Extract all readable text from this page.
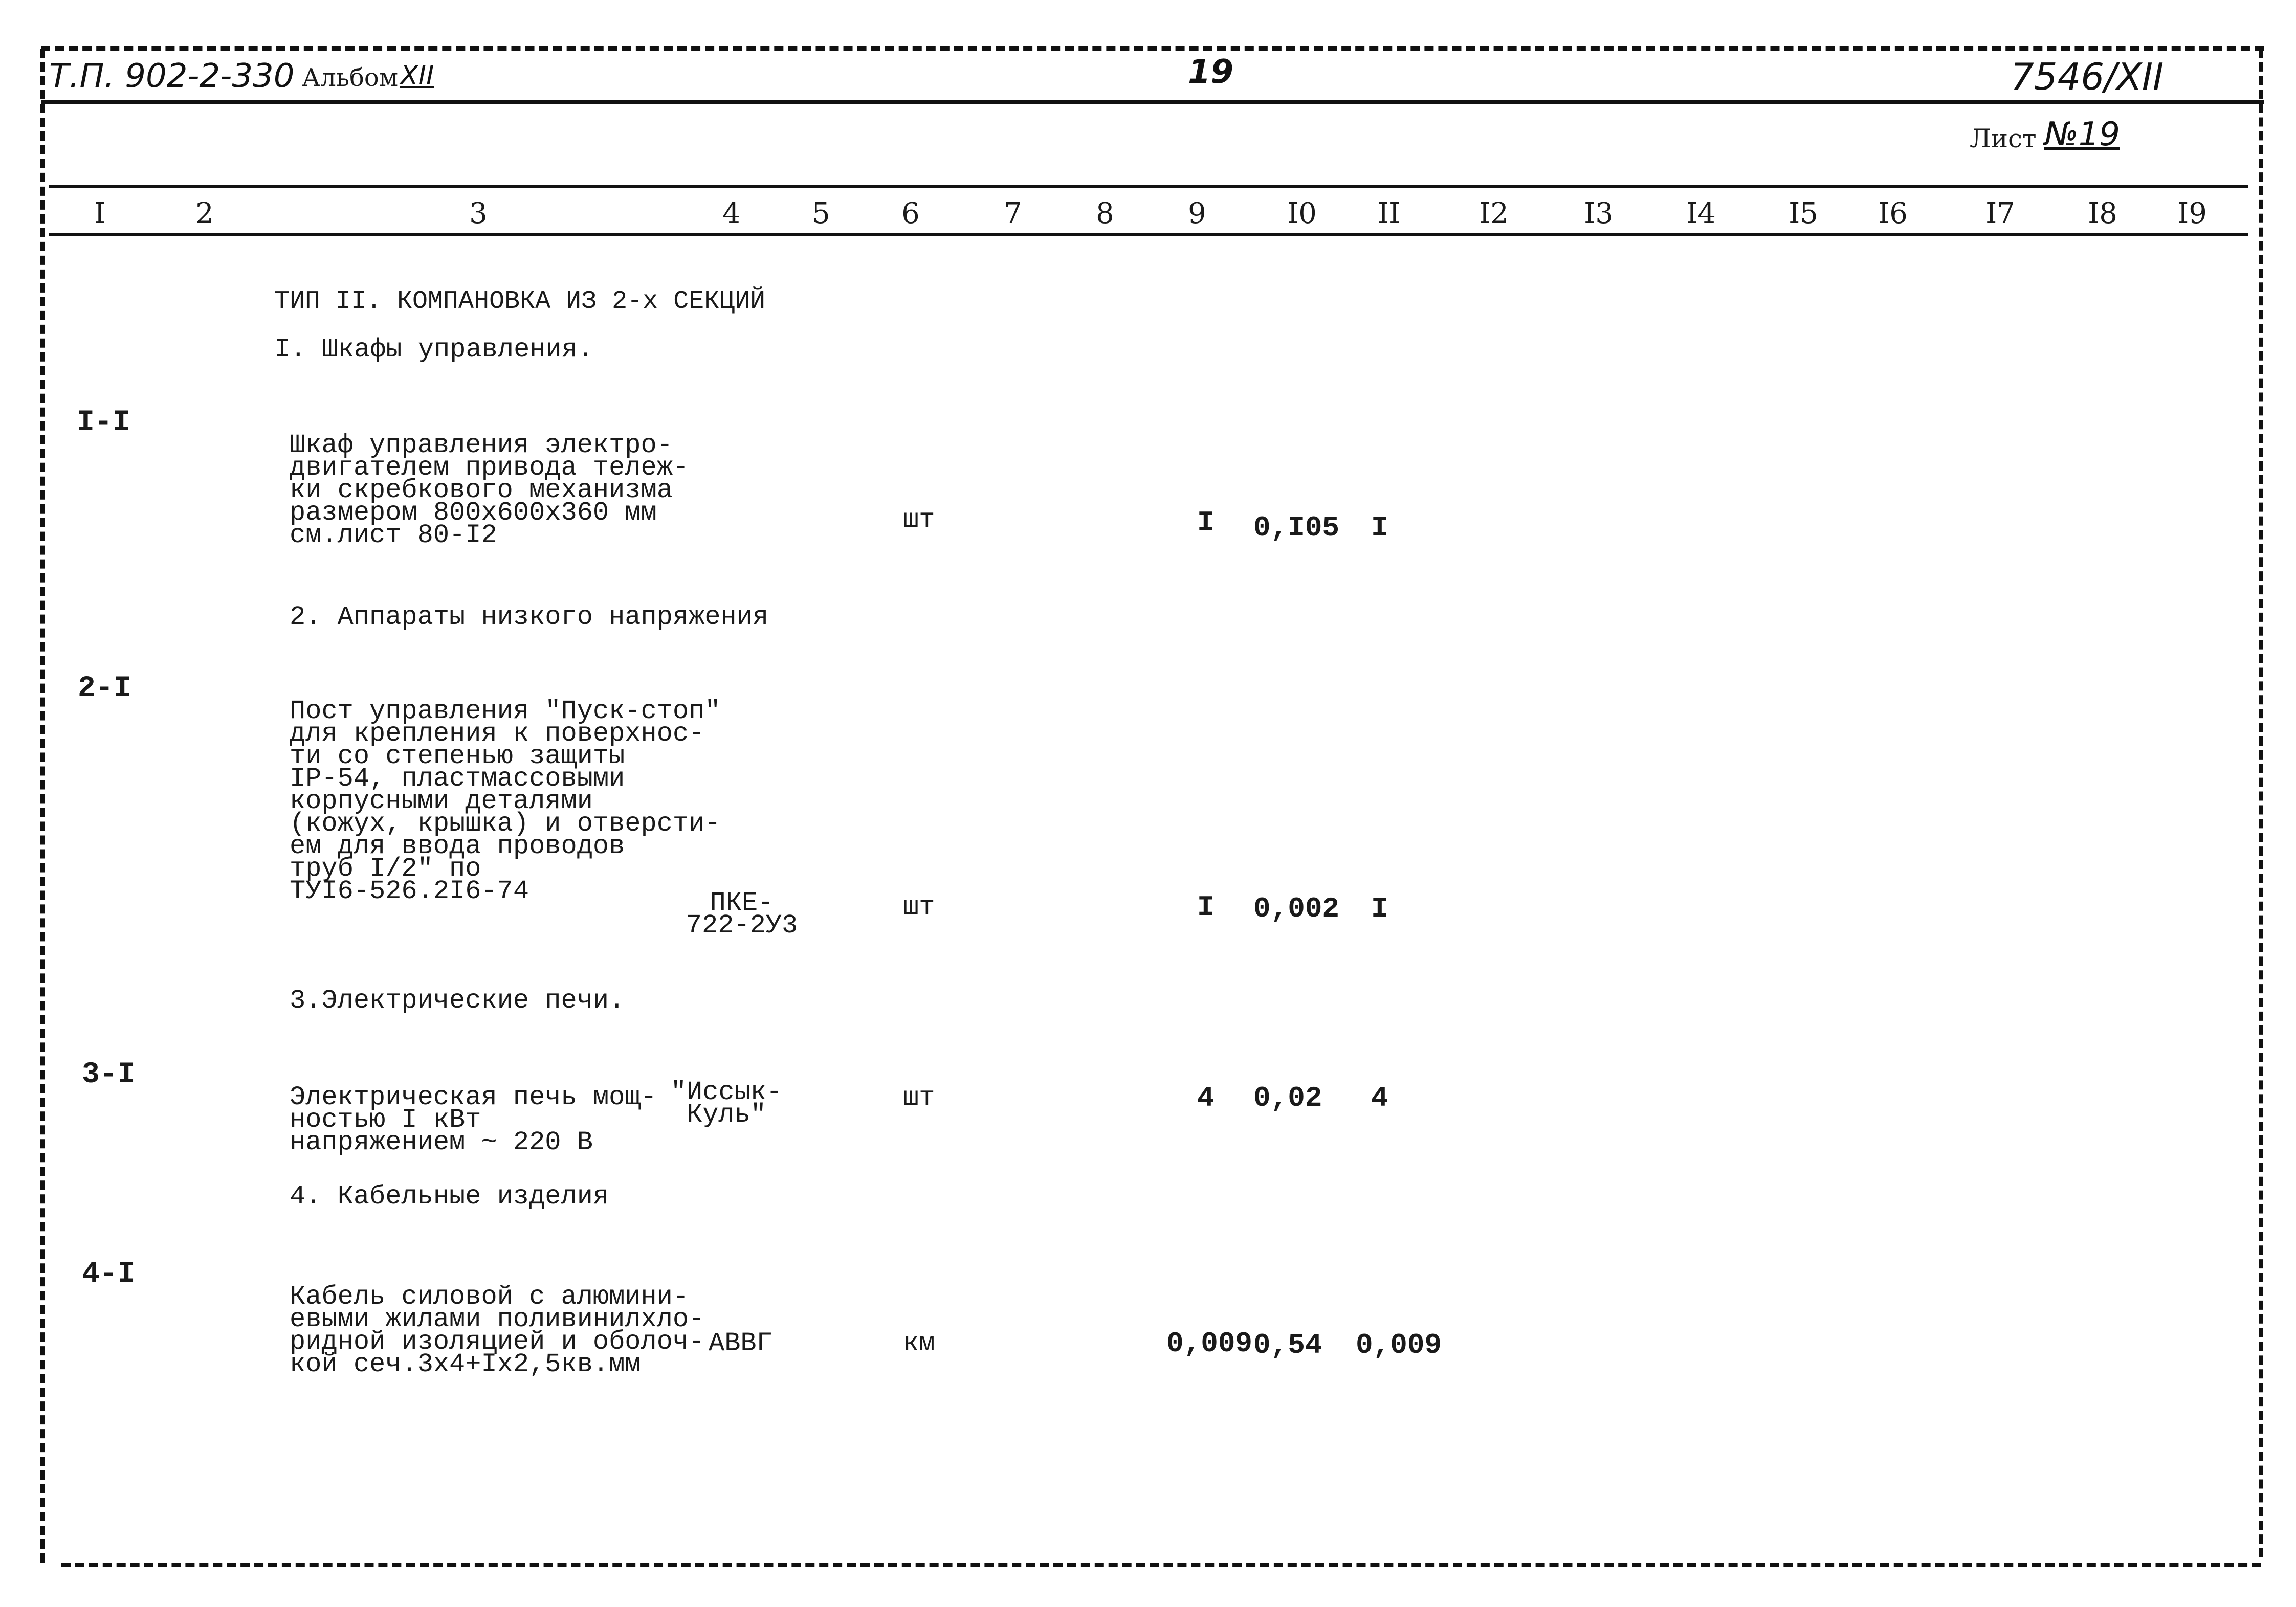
Т.П. 902-2-330 Альбом XII	19	7546/XII
Лист №19
I	2	3	4	5	6	7	8	9	I0	II	I2	I3	I4	I5	I6	I7	I8	I9
ТИП II. КОМПАНОВКА ИЗ 2-х СЕКЦИЙ
I. Шкафы управления.
I-I

Шкаф управления электро-
двигателем привода тележ-
ки скребкового механизма
размером 800х600х360 мм
см.лист 80-I2

шт	I 0,I05 I
2. Аппараты низкого напряжения
2-I

Пост управления "Пуск-стоп"
для крепления к поверхнос-
ти со степенью защиты
IP-54, пластмассовыми
корпусными деталями
(кожух, крышка) и отверсти-
ем для ввода проводов
труб I/2" по
ТУI6-526.2I6-74	ПКЕ-
722-2У3

шт	I 0,002 I
3.Электрические печи.
3-I

Электрическая печь мощ-
ностью I кВт
напряжением ~ 220 В

"Иссык-
Куль"

шт	4 0,02 4
4. Кабельные изделия
4-I

Кабель силовой с алюмини-
евыми жилами поливинилхло-
ридной изоляцией и оболоч-
кой сеч.3х4+Iх2,5кв.мм

АВВГ	км	0,009 0,54 0,009
